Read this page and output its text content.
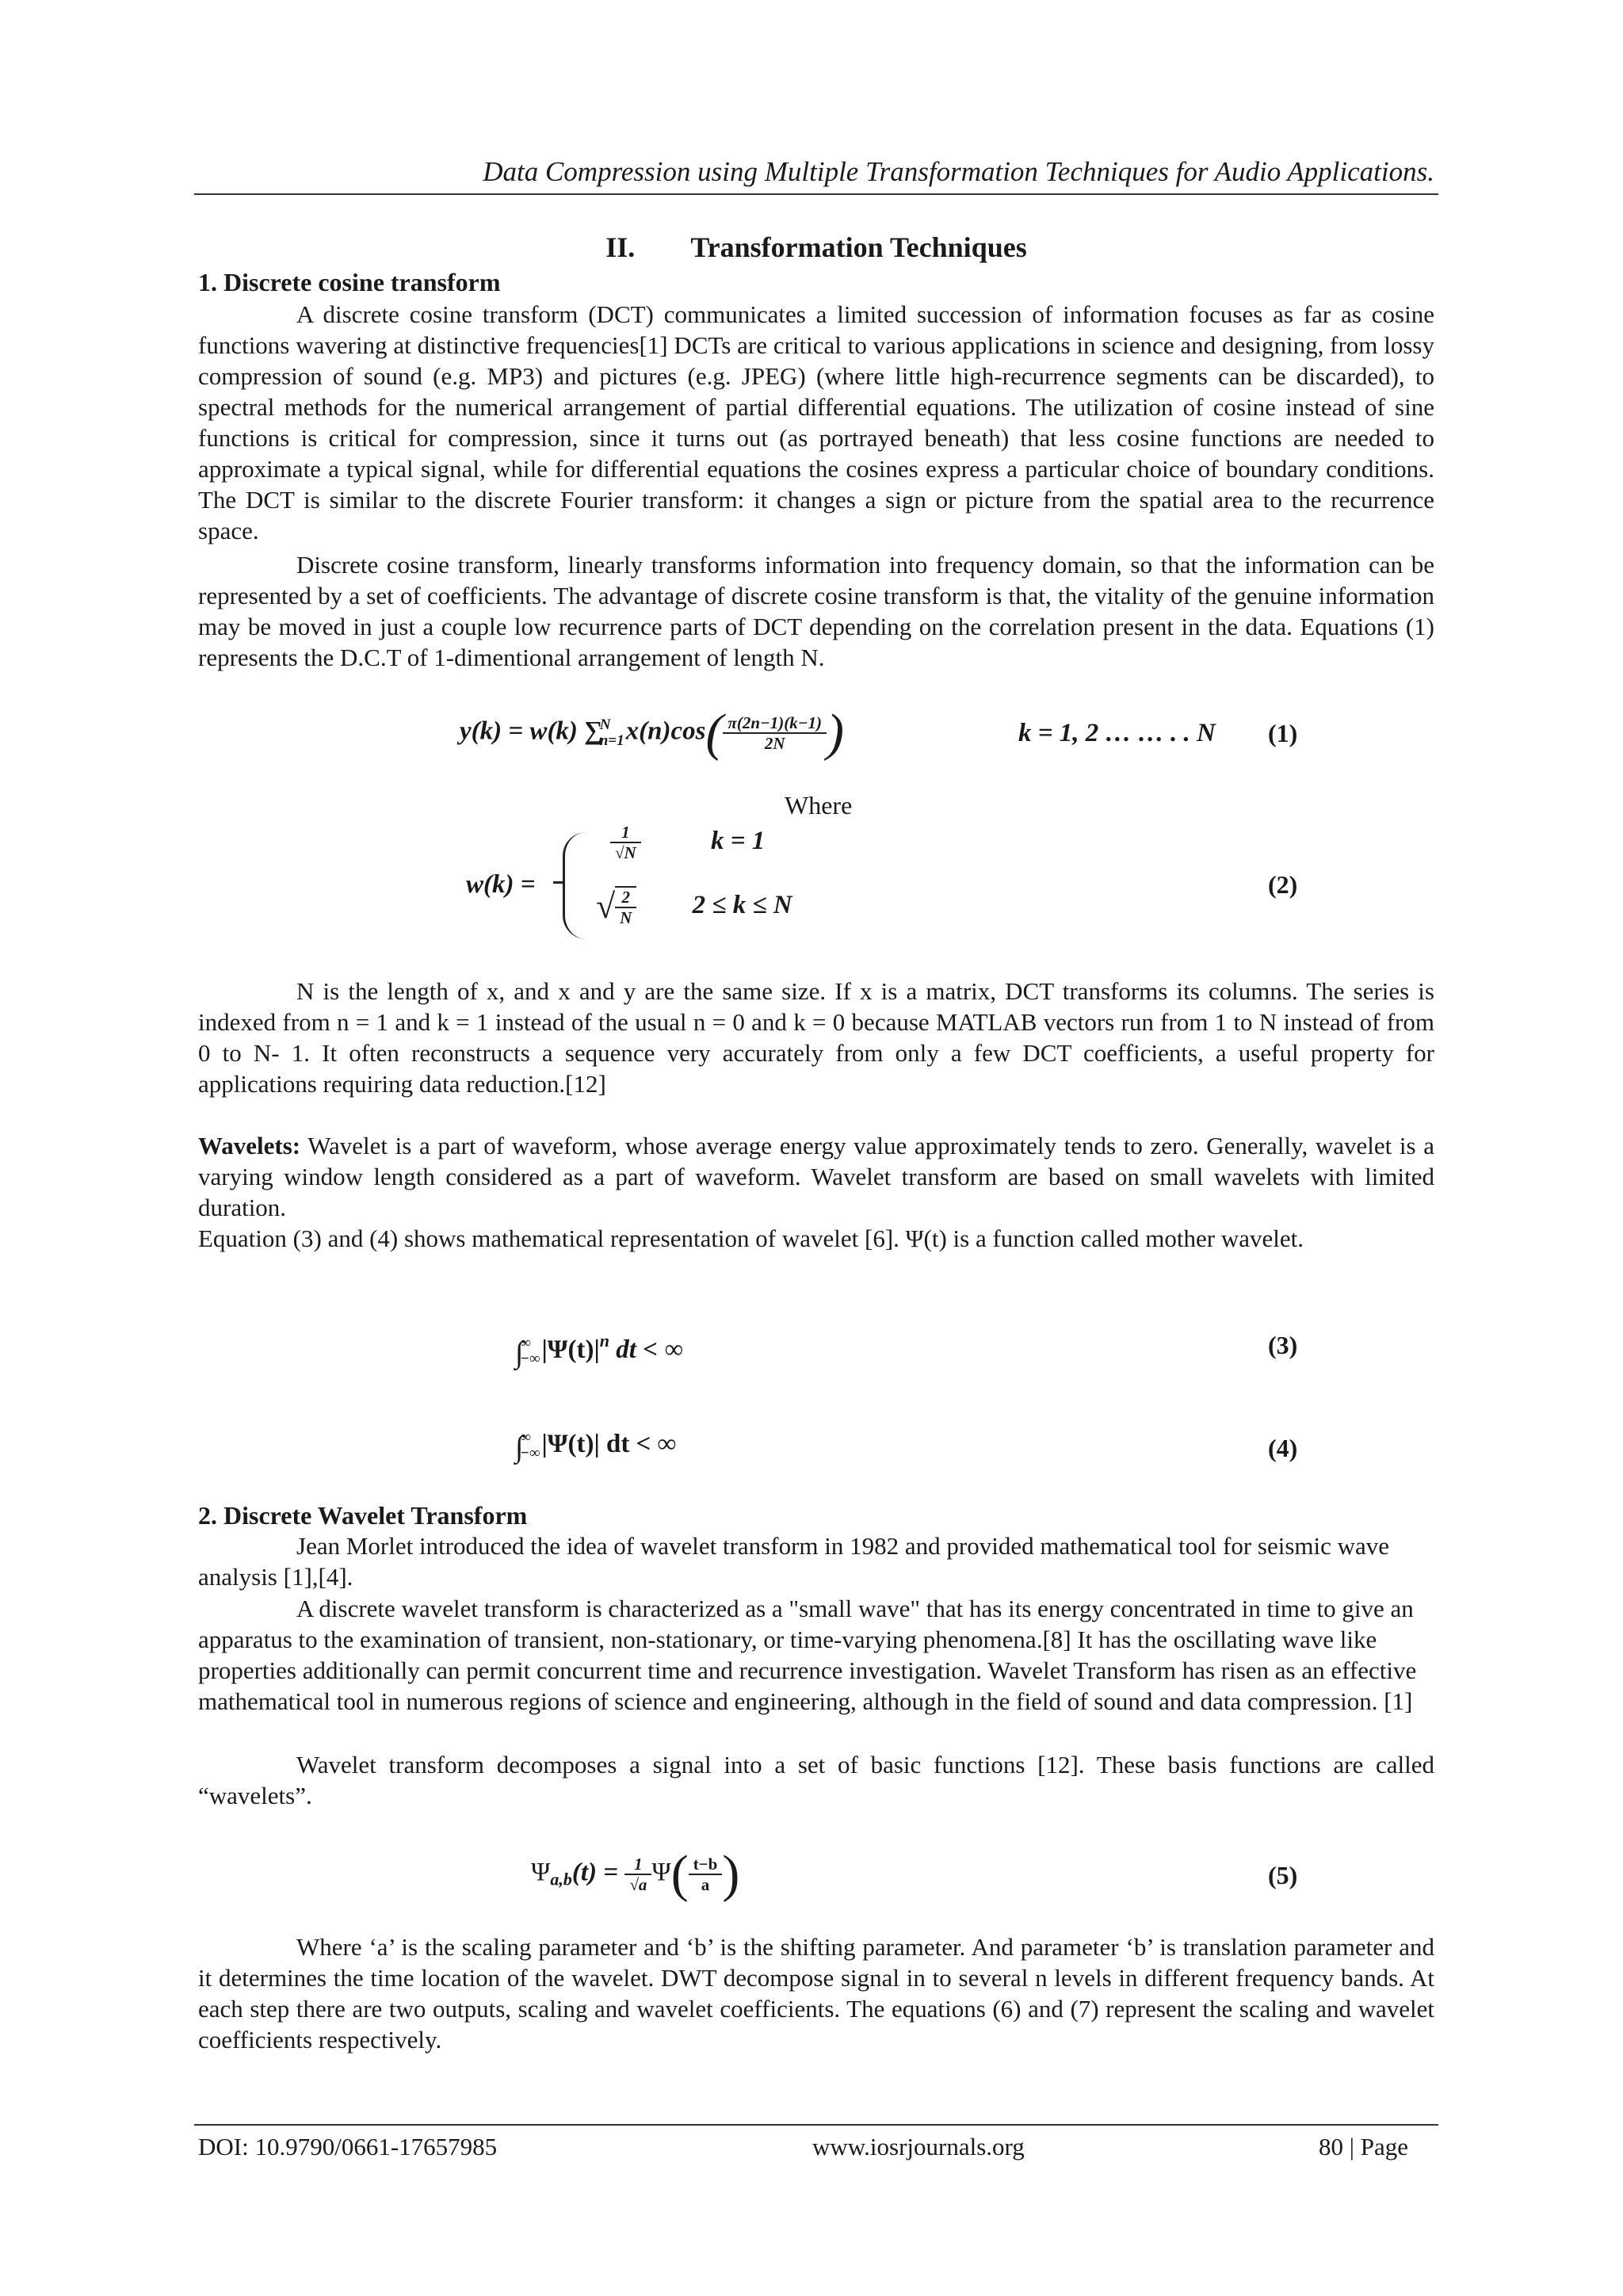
Data Compression using Multiple Transformation Techniques for Audio Applications.
II. Transformation Techniques
1. Discrete cosine transform

A discrete cosine transform (DCT) communicates a limited succession of information focuses as far as cosine functions wavering at distinctive frequencies[1] DCTs are critical to various applications in science and designing, from lossy compression of sound (e.g. MP3) and pictures (e.g. JPEG) (where little high-recurrence segments can be discarded), to spectral methods for the numerical arrangement of partial differential equations. The utilization of cosine instead of sine functions is critical for compression, since it turns out (as portrayed beneath) that less cosine functions are needed to approximate a typical signal, while for differential equations the cosines express a particular choice of boundary conditions. The DCT is similar to the discrete Fourier transform: it changes a sign or picture from the spatial area to the recurrence space.

Discrete cosine transform, linearly transforms information into frequency domain, so that the information can be represented by a set of coefficients. The advantage of discrete cosine transform is that, the vitality of the genuine information may be moved in just a couple low recurrence parts of DCT depending on the correlation present in the data. Equations (1) represents the D.C.T of 1-dimentional arrangement of length N.

y(k) = w(k) ∑
N
n=1 $x(n)\cos( \frac{\pi(2n-1)(k-1)}{2N}$ )	k = 1, 2 … … . . N (1)
Where
w(k) =
$\frac{1}{√N}$	k = 1
√ $\frac{2}{N} 2 \le k \le N$
(2)

N is the length of x, and x and y are the same size. If x is a matrix, DCT transforms its columns. The series is indexed from n = 1 and k = 1 instead of the usual n = 0 and k = 0 because MATLAB vectors run from 1 to N instead of from 0 to N- 1. It often reconstructs a sequence very accurately from only a few DCT coefficients, a useful property for applications requiring data reduction.[12]

Wavelets: Wavelet is a part of waveform, whose average energy value approximately tends to zero. Generally, wavelet is a varying window length considered as a part of waveform. Wavelet transform are based on small wavelets with limited duration.

Equation (3) and (4) shows mathematical representation of wavelet [6]. Ψ(t) is a function called mother wavelet.

∫
∞
−∞ $|\Psi(t)|^n$ dt < ∞	(3)
∫
∞
−∞ |Ψ(t)| dt < ∞	(4)
2. Discrete Wavelet Transform

Jean Morlet introduced the idea of wavelet transform in 1982 and provided mathematical tool for seismic wave analysis [1],[4].

A discrete wavelet transform is characterized as a "small wave" that has its energy concentrated in time to give an apparatus to the examination of transient, non-stationary, or time-varying phenomena.[8] It has the oscillating wave like properties additionally can permit concurrent time and recurrence investigation. Wavelet Transform has risen as an effective mathematical tool in numerous regions of science and engineering, although in the field of sound and data compression. [1]

Wavelet transform decomposes a signal into a set of basic functions [12]. These basis functions are called “wavelets”.

$\Psi a,b(t) = \frac{1}{√a} \Psi( \frac{t-b}{a}$ )	(5)

Where ‘a’ is the scaling parameter and ‘b’ is the shifting parameter. And parameter ‘b’ is translation parameter and it determines the time location of the wavelet. DWT decompose signal in to several n levels in different frequency bands. At each step there are two outputs, scaling and wavelet coefficients. The equations (6) and (7) represent the scaling and wavelet coefficients respectively.

DOI: 10.9790/0661-17657985	www.iosrjournals.org	80 | Page
